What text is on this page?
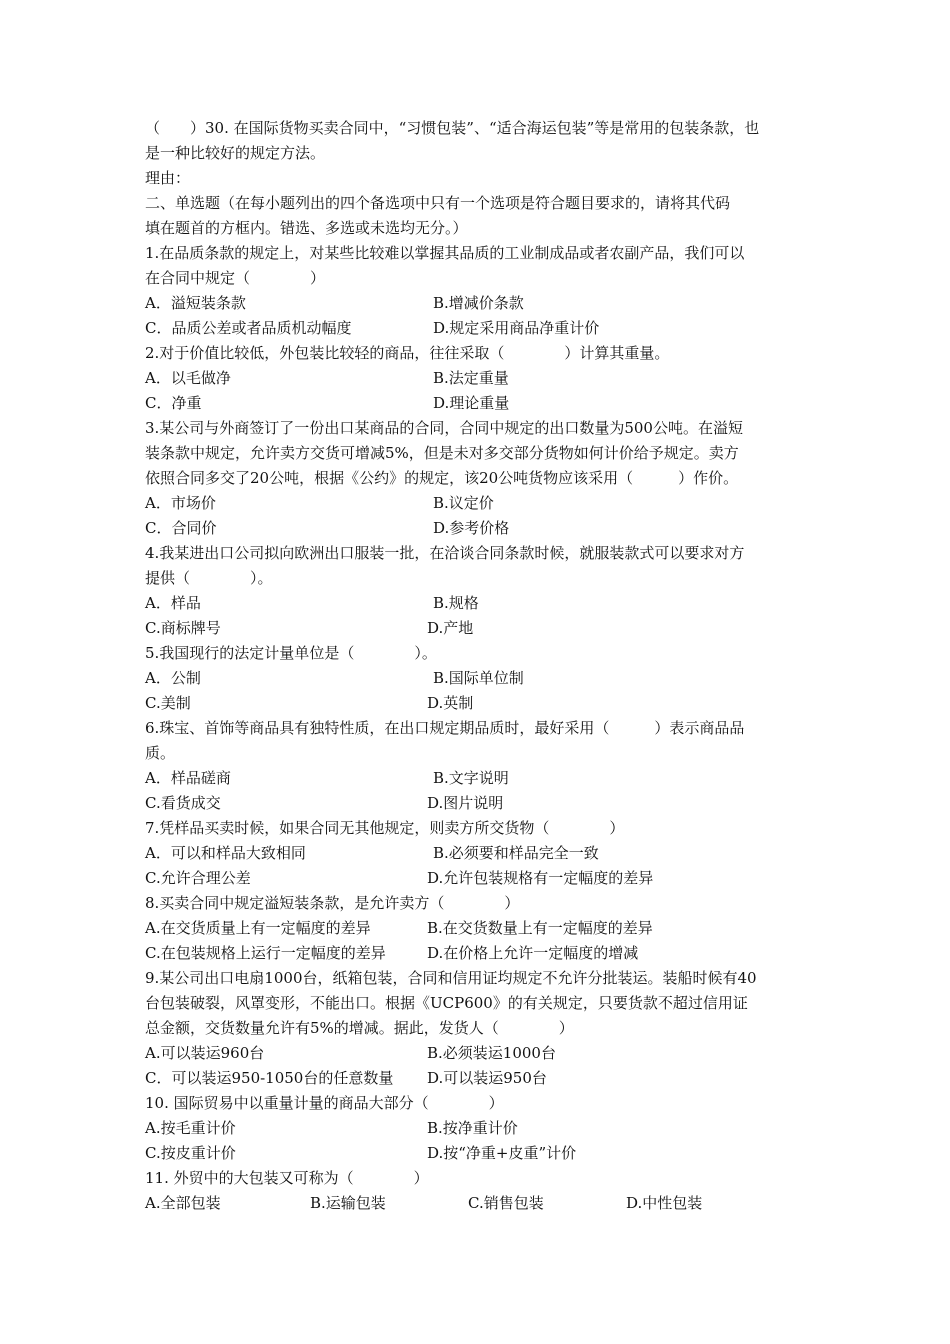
（　　）30. 在国际货物买卖合同中，“习惯包装”、“适合海运包装”等是常用的包装条款，也
是一种比较好的规定方法。
理由：
二、单选题（在每小题列出的四个备选项中只有一个选项是符合题目要求的，请将其代码
填在题首的方框内。错选、多选或未选均无分。）
1.在品质条款的规定上，对某些比较难以掌握其品质的工业制成品或者农副产品，我们可以
在合同中规定（　　　　）
A．溢短装条款	B.增减价条款
C．品质公差或者品质机动幅度	D.规定采用商品净重计价
2.对于价值比较低，外包装比较轻的商品，往往采取（　　　　）计算其重量。
A．以毛做净	B.法定重量
C．净重	D.理论重量
3.某公司与外商签订了一份出口某商品的合同，合同中规定的出口数量为500公吨。在溢短
装条款中规定，允许卖方交货可增减5%，但是未对多交部分货物如何计价给予规定。卖方
依照合同多交了20公吨，根据《公约》的规定，该20公吨货物应该采用（　　　）作价。
A．市场价	B.议定价
C．合同价	D.参考价格
4.我某进出口公司拟向欧洲出口服装一批，在洽谈合同条款时候，就服装款式可以要求对方
提供（　　　　）。
A．样品	B.规格
C.商标牌号	D.产地
5.我国现行的法定计量单位是（　　　　）。
A．公制	B.国际单位制
C.美制	D.英制
6.珠宝、首饰等商品具有独特性质，在出口规定期品质时，最好采用（　　　）表示商品品
质。
A．样品磋商	B.文字说明
C.看货成交	D.图片说明
7.凭样品买卖时候，如果合同无其他规定，则卖方所交货物（　　　　）
A．可以和样品大致相同	B.必须要和样品完全一致
C.允许合理公差	D.允许包装规格有一定幅度的差异
8.买卖合同中规定溢短装条款，是允许卖方（　　　　）
A.在交货质量上有一定幅度的差异	B.在交货数量上有一定幅度的差异
C.在包装规格上运行一定幅度的差异	D.在价格上允许一定幅度的增减
9.某公司出口电扇1000台，纸箱包装，合同和信用证均规定不允许分批装运。装船时候有40
台包装破裂，风罩变形，不能出口。根据《UCP600》的有关规定，只要货款不超过信用证
总金额，交货数量允许有5%的增减。据此，发货人（　　　　）
A.可以装运960台	B.必须装运1000台
C．可以装运950-1050台的任意数量 D.可以装运950台
10. 国际贸易中以重量计量的商品大部分（　　　　）
A.按毛重计价	B.按净重计价
C.按皮重计价	D.按“净重+皮重”计价
11. 外贸中的大包装又可称为（　　　　）
A.全部包装	B.运输包装	C.销售包装	D.中性包装
